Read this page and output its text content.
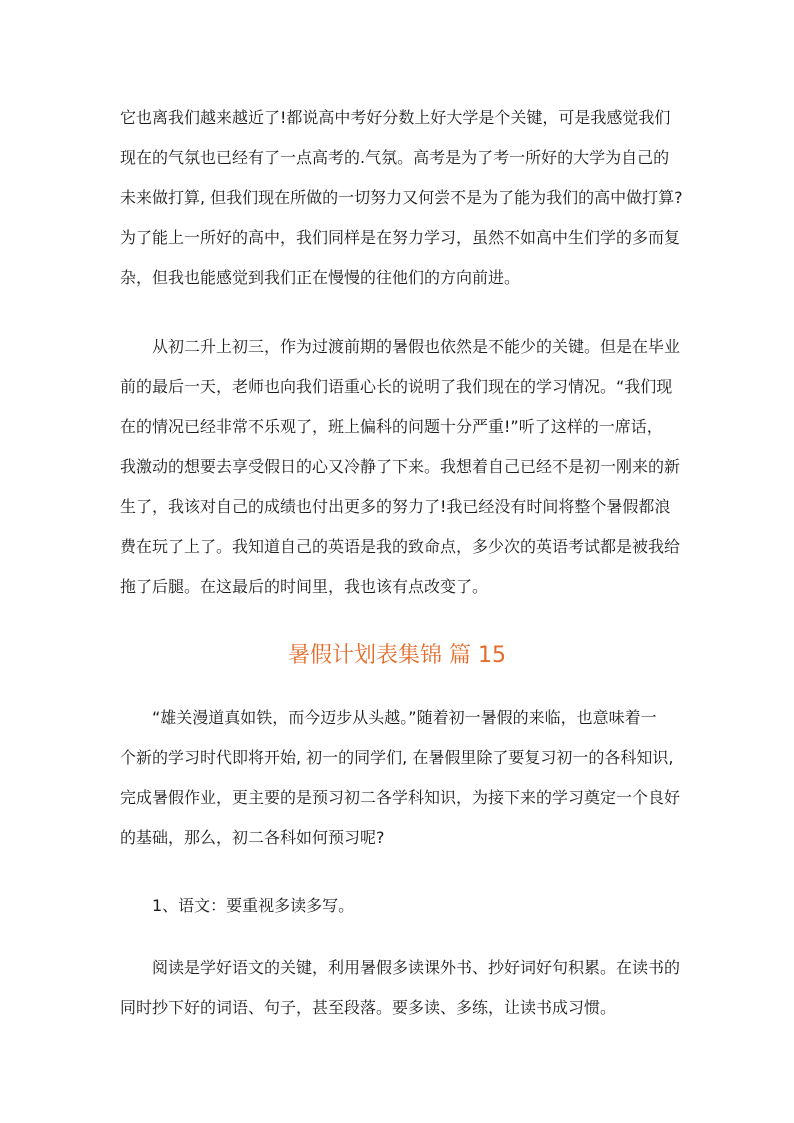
它也离我们越来越近了!都说高中考好分数上好大学是个关键，可是我感觉我们
现在的气氛也已经有了一点高考的.气氛。高考是为了考一所好的大学为自己的
未来做打算, 但我们现在所做的一切努力又何尝不是为了能为我们的高中做打算?
为了能上一所好的高中，我们同样是在努力学习，虽然不如高中生们学的多而复
杂，但我也能感觉到我们正在慢慢的往他们的方向前进。
从初二升上初三，作为过渡前期的暑假也依然是不能少的关键。但是在毕业
前的最后一天，老师也向我们语重心长的说明了我们现在的学习情况。“我们现
在的情况已经非常不乐观了，班上偏科的问题十分严重!”听了这样的一席话，
我激动的想要去享受假日的心又冷静了下来。我想着自己已经不是初一刚来的新
生了，我该对自己的成绩也付出更多的努力了!我已经没有时间将整个暑假都浪
费在玩了上了。我知道自己的英语是我的致命点，多少次的英语考试都是被我给
拖了后腿。在这最后的时间里，我也该有点改变了。
暑假计划表集锦 篇 15
“雄关漫道真如铁，而今迈步从头越。”随着初一暑假的来临，也意味着一
个新的学习时代即将开始, 初一的同学们, 在暑假里除了要复习初一的各科知识,
完成暑假作业，更主要的是预习初二各学科知识，为接下来的学习奠定一个良好
的基础，那么，初二各科如何预习呢?
1、语文：要重视多读多写。
阅读是学好语文的关键，利用暑假多读课外书、抄好词好句积累。在读书的
同时抄下好的词语、句子，甚至段落。要多读、多练，让读书成习惯。
